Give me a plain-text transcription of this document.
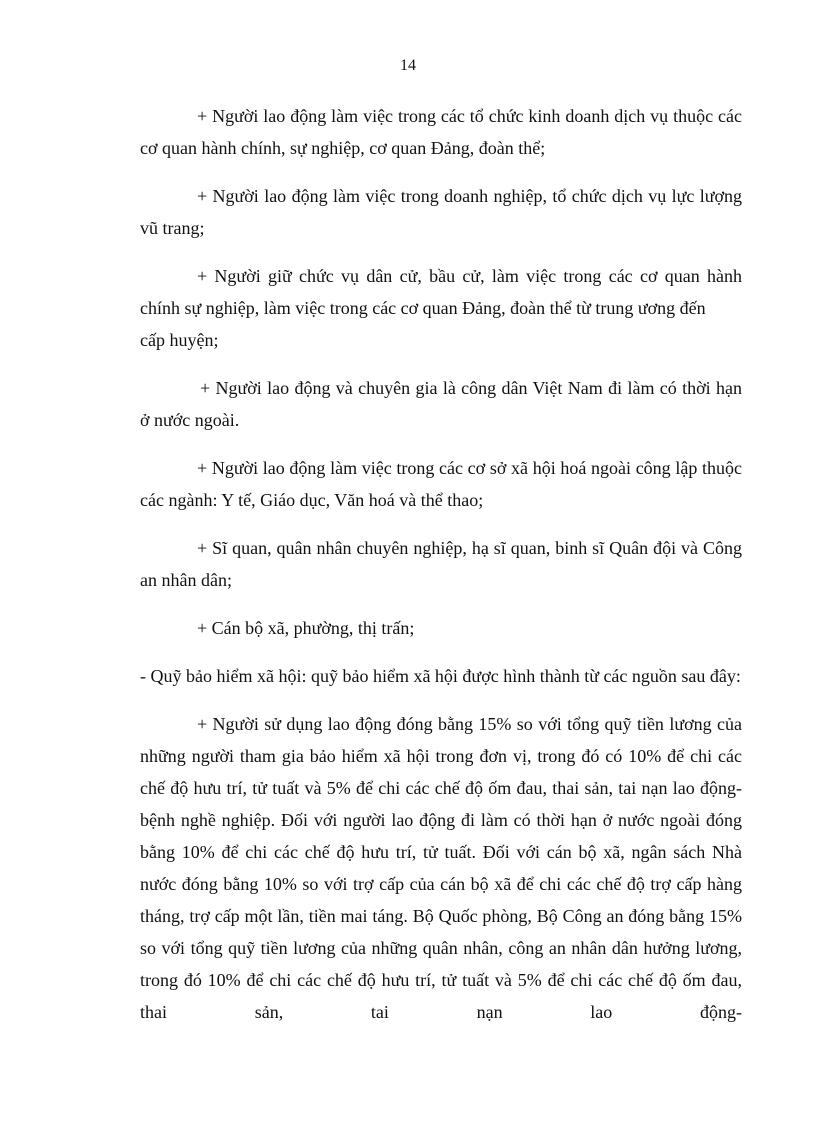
14

+ Người lao động làm việc trong các tổ chức kinh doanh dịch vụ thuộc các cơ quan hành chính, sự nghiệp, cơ quan Đảng, đoàn thể;

+ Người lao động làm việc trong doanh nghiệp, tổ chức dịch vụ lực lượng vũ trang;

+ Người giữ chức vụ dân cử, bầu cử, làm việc trong các cơ quan hành chính sự nghiệp, làm việc trong các cơ quan Đảng, đoàn thể từ trung ương đến

cấp huyện;

+ Người lao động và chuyên gia là công dân Việt Nam đi làm có thời hạn ở nước ngoài.

+ Người lao động làm việc trong các cơ sở xã hội hoá ngoài công lập thuộc các ngành: Y tế, Giáo dục, Văn hoá và thể thao;

+ Sĩ quan, quân nhân chuyên nghiệp, hạ sĩ quan, binh sĩ Quân đội và Công an nhân dân;

+ Cán bộ xã, phường, thị trấn;

- Quỹ bảo hiểm xã hội: quỹ bảo hiểm xã hội được hình thành từ các nguồn sau đây:

+ Người sử dụng lao động đóng bằng 15% so với tổng quỹ tiền lương của những người tham gia bảo hiểm xã hội trong đơn vị, trong đó có 10% để chi các chế độ hưu trí, tử tuất và 5% để chi các chế độ ốm đau, thai sản, tai nạn lao động-bệnh nghề nghiệp. Đối với người lao động đi làm có thời hạn ở nước ngoài đóng bằng 10% để chi các chế độ hưu trí, tử tuất. Đối với cán bộ xã, ngân sách Nhà nước đóng bằng 10% so với trợ cấp của cán bộ xã để chi các chế độ trợ cấp hàng tháng, trợ cấp một lần, tiền mai táng. Bộ Quốc phòng, Bộ Công an đóng bằng 15% so với tổng quỹ tiền lương của những quân nhân, công an nhân dân hưởng lương, trong đó 10% để chi các chế độ hưu trí, tử tuất và 5% để chi các chế độ ốm đau, thai sản, tai nạn lao động-
